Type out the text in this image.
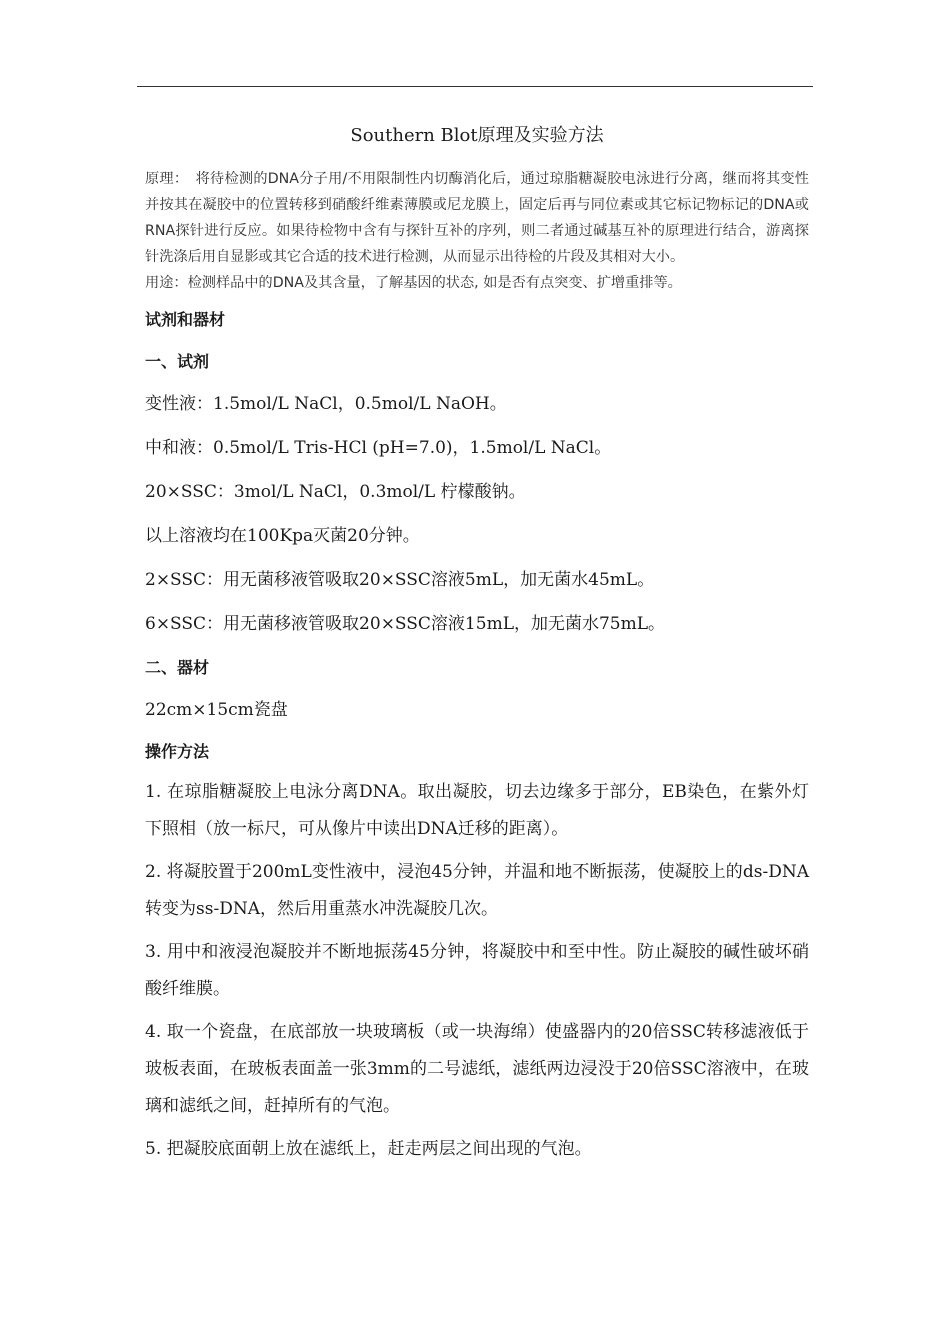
Southern Blot原理及实验方法

原理：　将待检测的DNA分子用/不用限制性内切酶消化后，通过琼脂糖凝胶电泳进行分离，继而将其变性并按其在凝胶中的位置转移到硝酸纤维素薄膜或尼龙膜上，固定后再与同位素或其它标记物标记的DNA或RNA探针进行反应。如果待检物中含有与探针互补的序列，则二者通过碱基互补的原理进行结合，游离探针洗涤后用自显影或其它合适的技术进行检测，从而显示出待检的片段及其相对大小。

用途：检测样品中的DNA及其含量，了解基因的状态, 如是否有点突变、扩增重排等。

试剂和器材

一、试剂

变性液：1.5mol/L NaCl，0.5mol/L NaOH。

中和液：0.5mol/L Tris-HCl (pH=7.0)，1.5mol/L NaCl。

20×SSC：3mol/L NaCl，0.3mol/L 柠檬酸钠。

以上溶液均在100Kpa灭菌20分钟。

2×SSC：用无菌移液管吸取20×SSC溶液5mL，加无菌水45mL。

6×SSC：用无菌移液管吸取20×SSC溶液15mL，加无菌水75mL。

二、器材

22cm×15cm瓷盘

操作方法

1. 在琼脂糖凝胶上电泳分离DNA。取出凝胶，切去边缘多于部分，EB染色，在紫外灯下照相（放一标尺，可从像片中读出DNA迁移的距离）。

2. 将凝胶置于200mL变性液中，浸泡45分钟，并温和地不断振荡，使凝胶上的ds-DNA转变为ss-DNA，然后用重蒸水冲洗凝胶几次。

3. 用中和液浸泡凝胶并不断地振荡45分钟，将凝胶中和至中性。防止凝胶的碱性破坏硝酸纤维膜。

4. 取一个瓷盘，在底部放一块玻璃板（或一块海绵）使盛器内的20倍SSC转移滤液低于玻板表面，在玻板表面盖一张3mm的二号滤纸，滤纸两边浸没于20倍SSC溶液中，在玻璃和滤纸之间，赶掉所有的气泡。

5. 把凝胶底面朝上放在滤纸上，赶走两层之间出现的气泡。
